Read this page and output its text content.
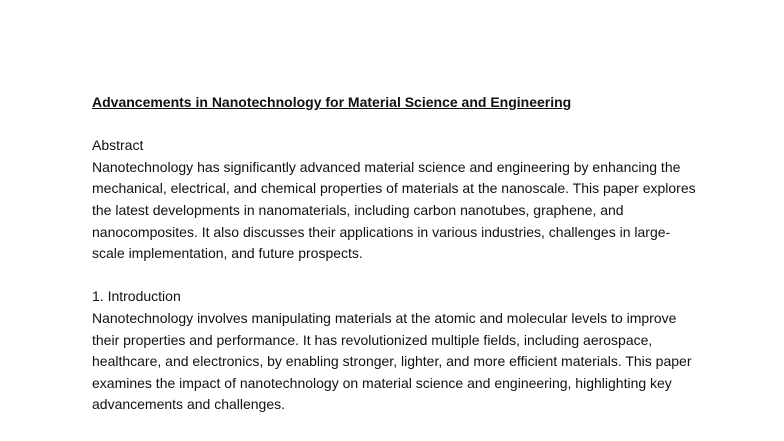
Advancements in Nanotechnology for Material Science and Engineering
Abstract

Nanotechnology has significantly advanced material science and engineering by enhancing the mechanical, electrical, and chemical properties of materials at the nanoscale. This paper explores the latest developments in nanomaterials, including carbon nanotubes, graphene, and nanocomposites. It also discusses their applications in various industries, challenges in large-scale implementation, and future prospects.

1. Introduction

Nanotechnology involves manipulating materials at the atomic and molecular levels to improve their properties and performance. It has revolutionized multiple fields, including aerospace, healthcare, and electronics, by enabling stronger, lighter, and more efficient materials. This paper examines the impact of nanotechnology on material science and engineering, highlighting key advancements and challenges.
